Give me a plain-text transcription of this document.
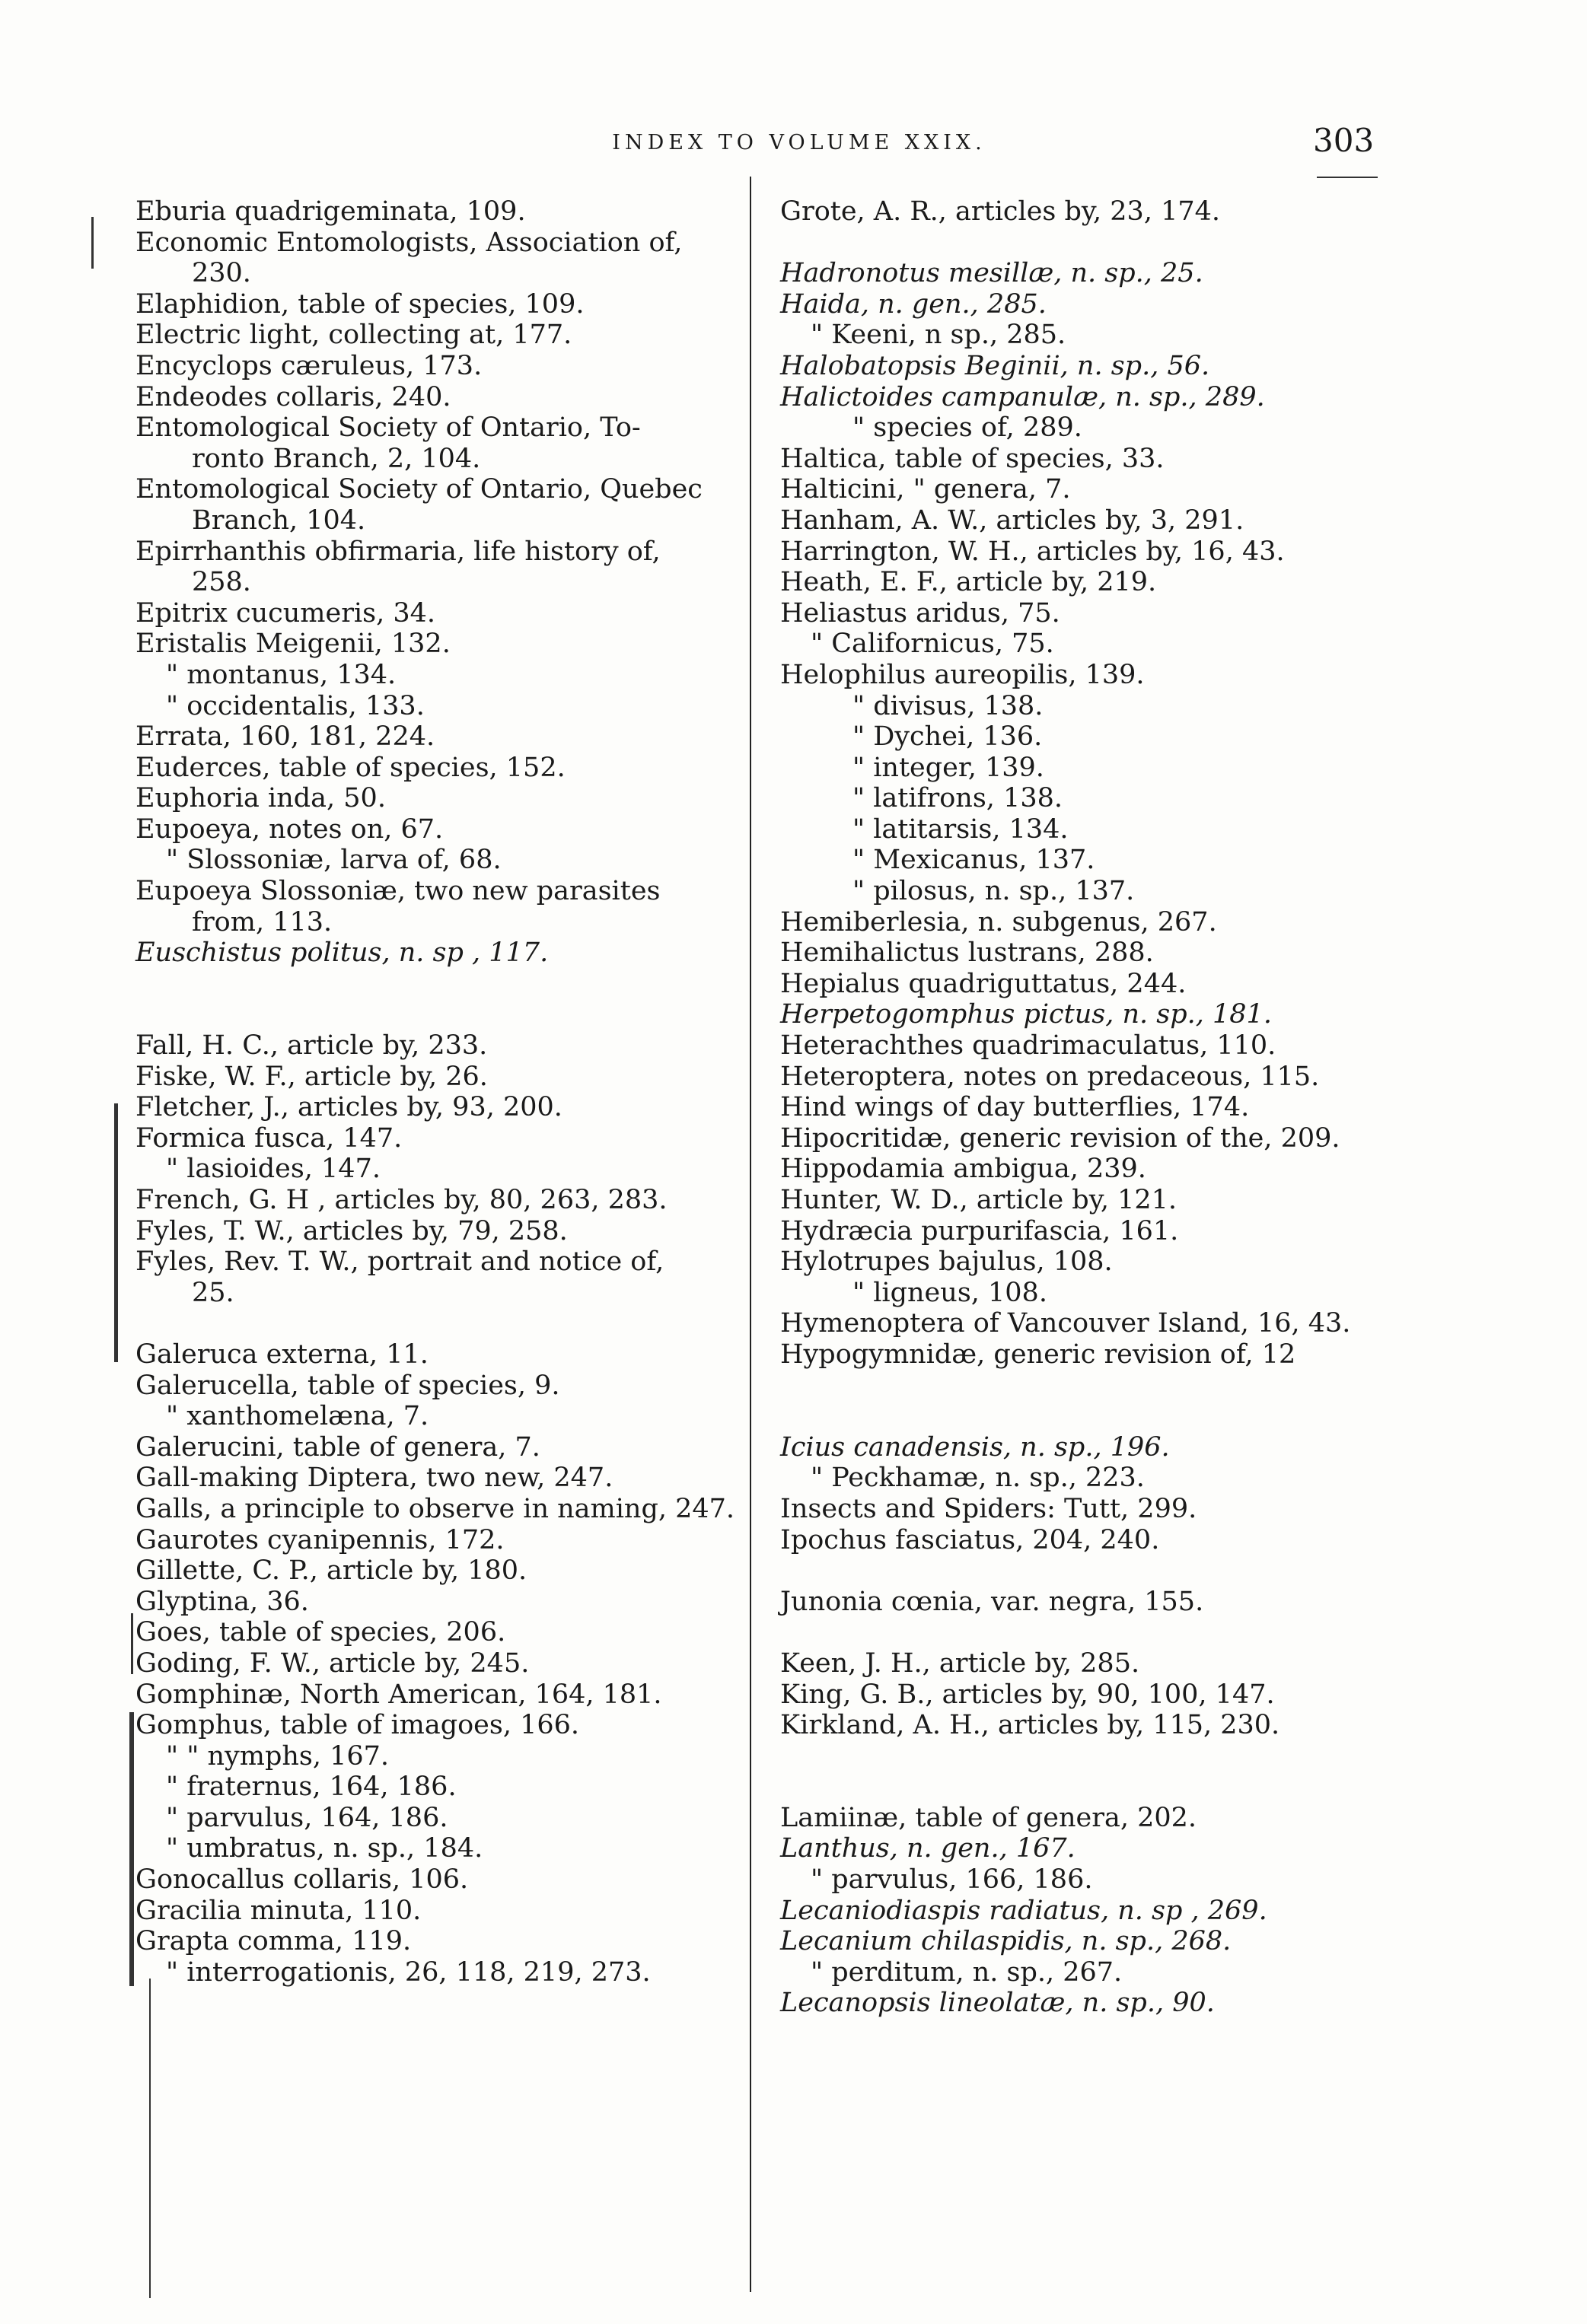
INDEX TO VOLUME XXIX.	303
Eburia quadrigeminata, 109.
Economic Entomologists, Association of,
230.
Elaphidion, table of species, 109.
Electric light, collecting at, 177.
Encyclops cæruleus, 173.
Endeodes collaris, 240.
Entomological Society of Ontario, To-
ronto Branch, 2, 104.
Entomological Society of Ontario, Quebec
Branch, 104.
Epirrhanthis obfirmaria, life history of,
258.
Epitrix cucumeris, 34.
Eristalis Meigenii, 132.
" montanus, 134.
" occidentalis, 133.
Errata, 160, 181, 224.
Euderces, table of species, 152.
Euphoria inda, 50.
Eupoeya, notes on, 67.
" Slossoniæ, larva of, 68.
Eupoeya Slossoniæ, two new parasites
from, 113.
Euschistus politus, n. sp , 117.
Fall, H. C., article by, 233.
Fiske, W. F., article by, 26.
Fletcher, J., articles by, 93, 200.
Formica fusca, 147.
" lasioides, 147.
French, G. H , articles by, 80, 263, 283.
Fyles, T. W., articles by, 79, 258.
Fyles, Rev. T. W., portrait and notice of,
25.
Galeruca externa, 11.
Galerucella, table of species, 9.
" xanthomelæna, 7.
Galerucini, table of genera, 7.
Gall-making Diptera, two new, 247.
Galls, a principle to observe in naming, 247.
Gaurotes cyanipennis, 172.
Gillette, C. P., article by, 180.
Glyptina, 36.
Goes, table of species, 206.
Goding, F. W., article by, 245.
Gomphinæ, North American, 164, 181.
Gomphus, table of imagoes, 166.
" " nymphs, 167.
" fraternus, 164, 186.
" parvulus, 164, 186.
" umbratus, n. sp., 184.
Gonocallus collaris, 106.
Gracilia minuta, 110.
Grapta comma, 119.
" interrogationis, 26, 118, 219, 273.
Grote, A. R., articles by, 23, 174.
Hadronotus mesillæ, n. sp., 25.
Haida, n. gen., 285.
" Keeni, n sp., 285.
Halobatopsis Beginii, n. sp., 56.
Halictoides campanulæ, n. sp., 289.
" species of, 289.
Haltica, table of species, 33.
Halticini, " genera, 7.
Hanham, A. W., articles by, 3, 291.
Harrington, W. H., articles by, 16, 43.
Heath, E. F., article by, 219.
Heliastus aridus, 75.
" Californicus, 75.
Helophilus aureopilis, 139.
" divisus, 138.
" Dychei, 136.
" integer, 139.
" latifrons, 138.
" latitarsis, 134.
" Mexicanus, 137.
" pilosus, n. sp., 137.
Hemiberlesia, n. subgenus, 267.
Hemihalictus lustrans, 288.
Hepialus quadriguttatus, 244.
Herpetogomphus pictus, n. sp., 181.
Heterachthes quadrimaculatus, 110.
Heteroptera, notes on predaceous, 115.
Hind wings of day butterflies, 174.
Hipocritidæ, generic revision of the, 209.
Hippodamia ambigua, 239.
Hunter, W. D., article by, 121.
Hydræcia purpurifascia, 161.
Hylotrupes bajulus, 108.
" ligneus, 108.
Hymenoptera of Vancouver Island, 16, 43.
Hypogymnidæ, generic revision of, 12
Icius canadensis, n. sp., 196.
" Peckhamæ, n. sp., 223.
Insects and Spiders: Tutt, 299.
Ipochus fasciatus, 204, 240.
Junonia cœnia, var. negra, 155.
Keen, J. H., article by, 285.
King, G. B., articles by, 90, 100, 147.
Kirkland, A. H., articles by, 115, 230.
Lamiinæ, table of genera, 202.
Lanthus, n. gen., 167.
" parvulus, 166, 186.
Lecaniodiaspis radiatus, n. sp , 269.
Lecanium chilaspidis, n. sp., 268.
" perditum, n. sp., 267.
Lecanopsis lineolatæ, n. sp., 90.
